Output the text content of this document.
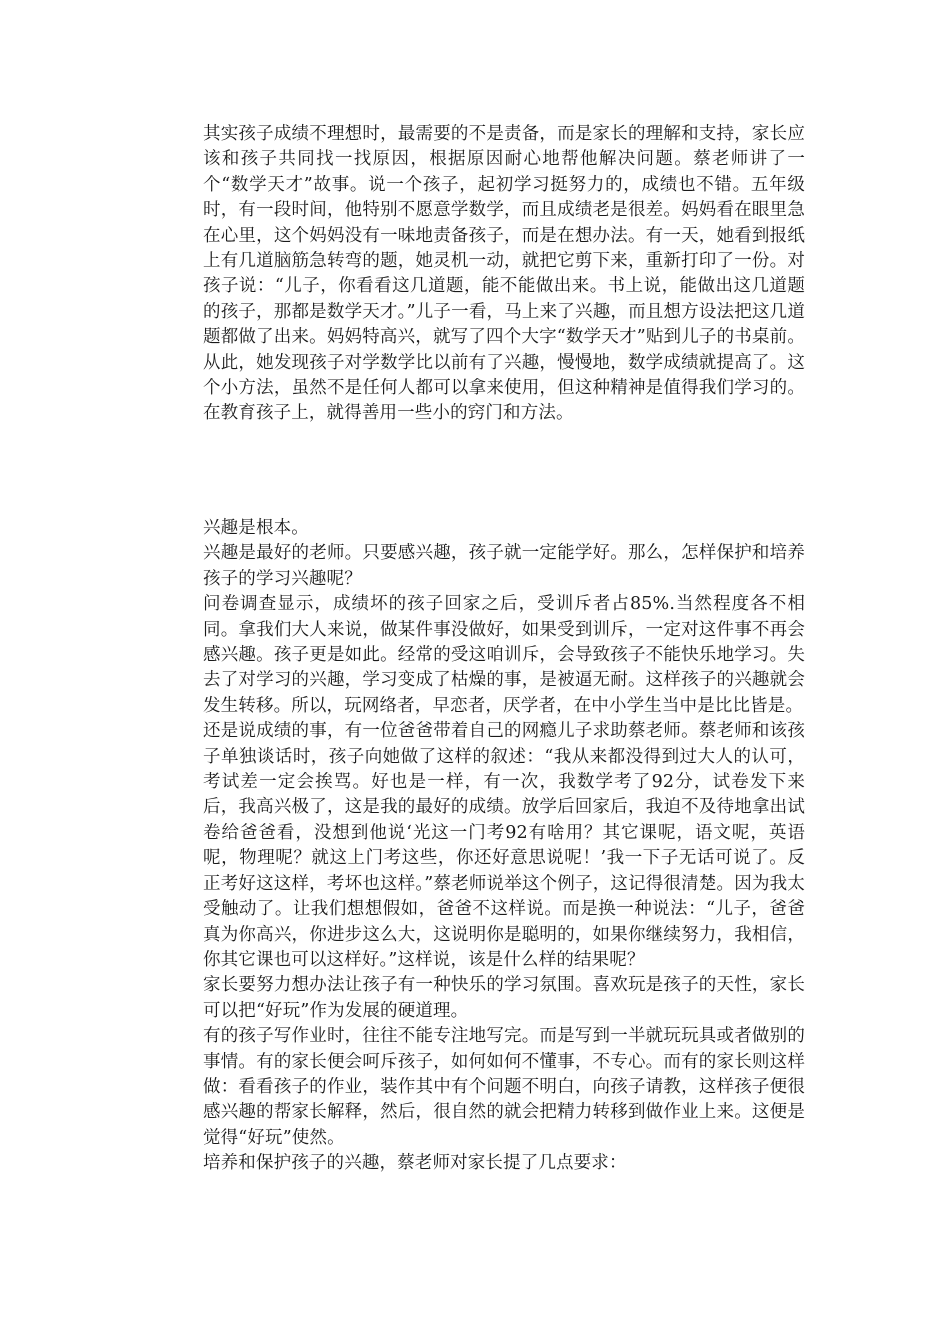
其实孩子成绩不理想时，最需要的不是责备，而是家长的理解和支持，家长应该和孩子共同找一找原因，根据原因耐心地帮他解决问题。蔡老师讲了一个“数学天才”故事。说一个孩子，起初学习挺努力的，成绩也不错。五年级时，有一段时间，他特别不愿意学数学，而且成绩老是很差。妈妈看在眼里急在心里，这个妈妈没有一味地责备孩子，而是在想办法。有一天，她看到报纸上有几道脑筋急转弯的题，她灵机一动，就把它剪下来，重新打印了一份。对孩子说：“儿子，你看看这几道题，能不能做出来。书上说，能做出这几道题的孩子，那都是数学天才。”儿子一看，马上来了兴趣，而且想方设法把这几道题都做了出来。妈妈特高兴，就写了四个大字“数学天才”贴到儿子的书桌前。从此，她发现孩子对学数学比以前有了兴趣，慢慢地，数学成绩就提高了。这个小方法，虽然不是任何人都可以拿来使用，但这种精神是值得我们学习的。在教育孩子上，就得善用一些小的窍门和方法。

兴趣是根本。

兴趣是最好的老师。只要感兴趣，孩子就一定能学好。那么，怎样保护和培养孩子的学习兴趣呢？

问卷调查显示，成绩坏的孩子回家之后，受训斥者占85%.当然程度各不相同。拿我们大人来说，做某件事没做好，如果受到训斥，一定对这件事不再会感兴趣。孩子更是如此。经常的受这咱训斥，会导致孩子不能快乐地学习。失去了对学习的兴趣，学习变成了枯燥的事，是被逼无耐。这样孩子的兴趣就会发生转移。所以，玩网络者，早恋者，厌学者，在中小学生当中是比比皆是。

还是说成绩的事，有一位爸爸带着自己的网瘾儿子求助蔡老师。蔡老师和该孩子单独谈话时，孩子向她做了这样的叙述：“我从来都没得到过大人的认可，考试差一定会挨骂。好也是一样，有一次，我数学考了92分，试卷发下来后，我高兴极了，这是我的最好的成绩。放学后回家后，我迫不及待地拿出试卷给爸爸看，没想到他说‘光这一门考92有啥用？其它课呢，语文呢，英语呢，物理呢？就这上门考这些，你还好意思说呢！’我一下子无话可说了。反正考好这这样，考坏也这样。”蔡老师说举这个例子，这记得很清楚。因为我太受触动了。让我们想想假如，爸爸不这样说。而是换一种说法：“儿子，爸爸真为你高兴，你进步这么大，这说明你是聪明的，如果你继续努力，我相信，你其它课也可以这样好。”这样说，该是什么样的结果呢？

家长要努力想办法让孩子有一种快乐的学习氛围。喜欢玩是孩子的天性，家长可以把“好玩”作为发展的硬道理。

有的孩子写作业时，往往不能专注地写完。而是写到一半就玩玩具或者做别的事情。有的家长便会呵斥孩子，如何如何不懂事，不专心。而有的家长则这样做：看看孩子的作业，装作其中有个问题不明白，向孩子请教，这样孩子便很感兴趣的帮家长解释，然后，很自然的就会把精力转移到做作业上来。这便是觉得“好玩”使然。

培养和保护孩子的兴趣，蔡老师对家长提了几点要求：
